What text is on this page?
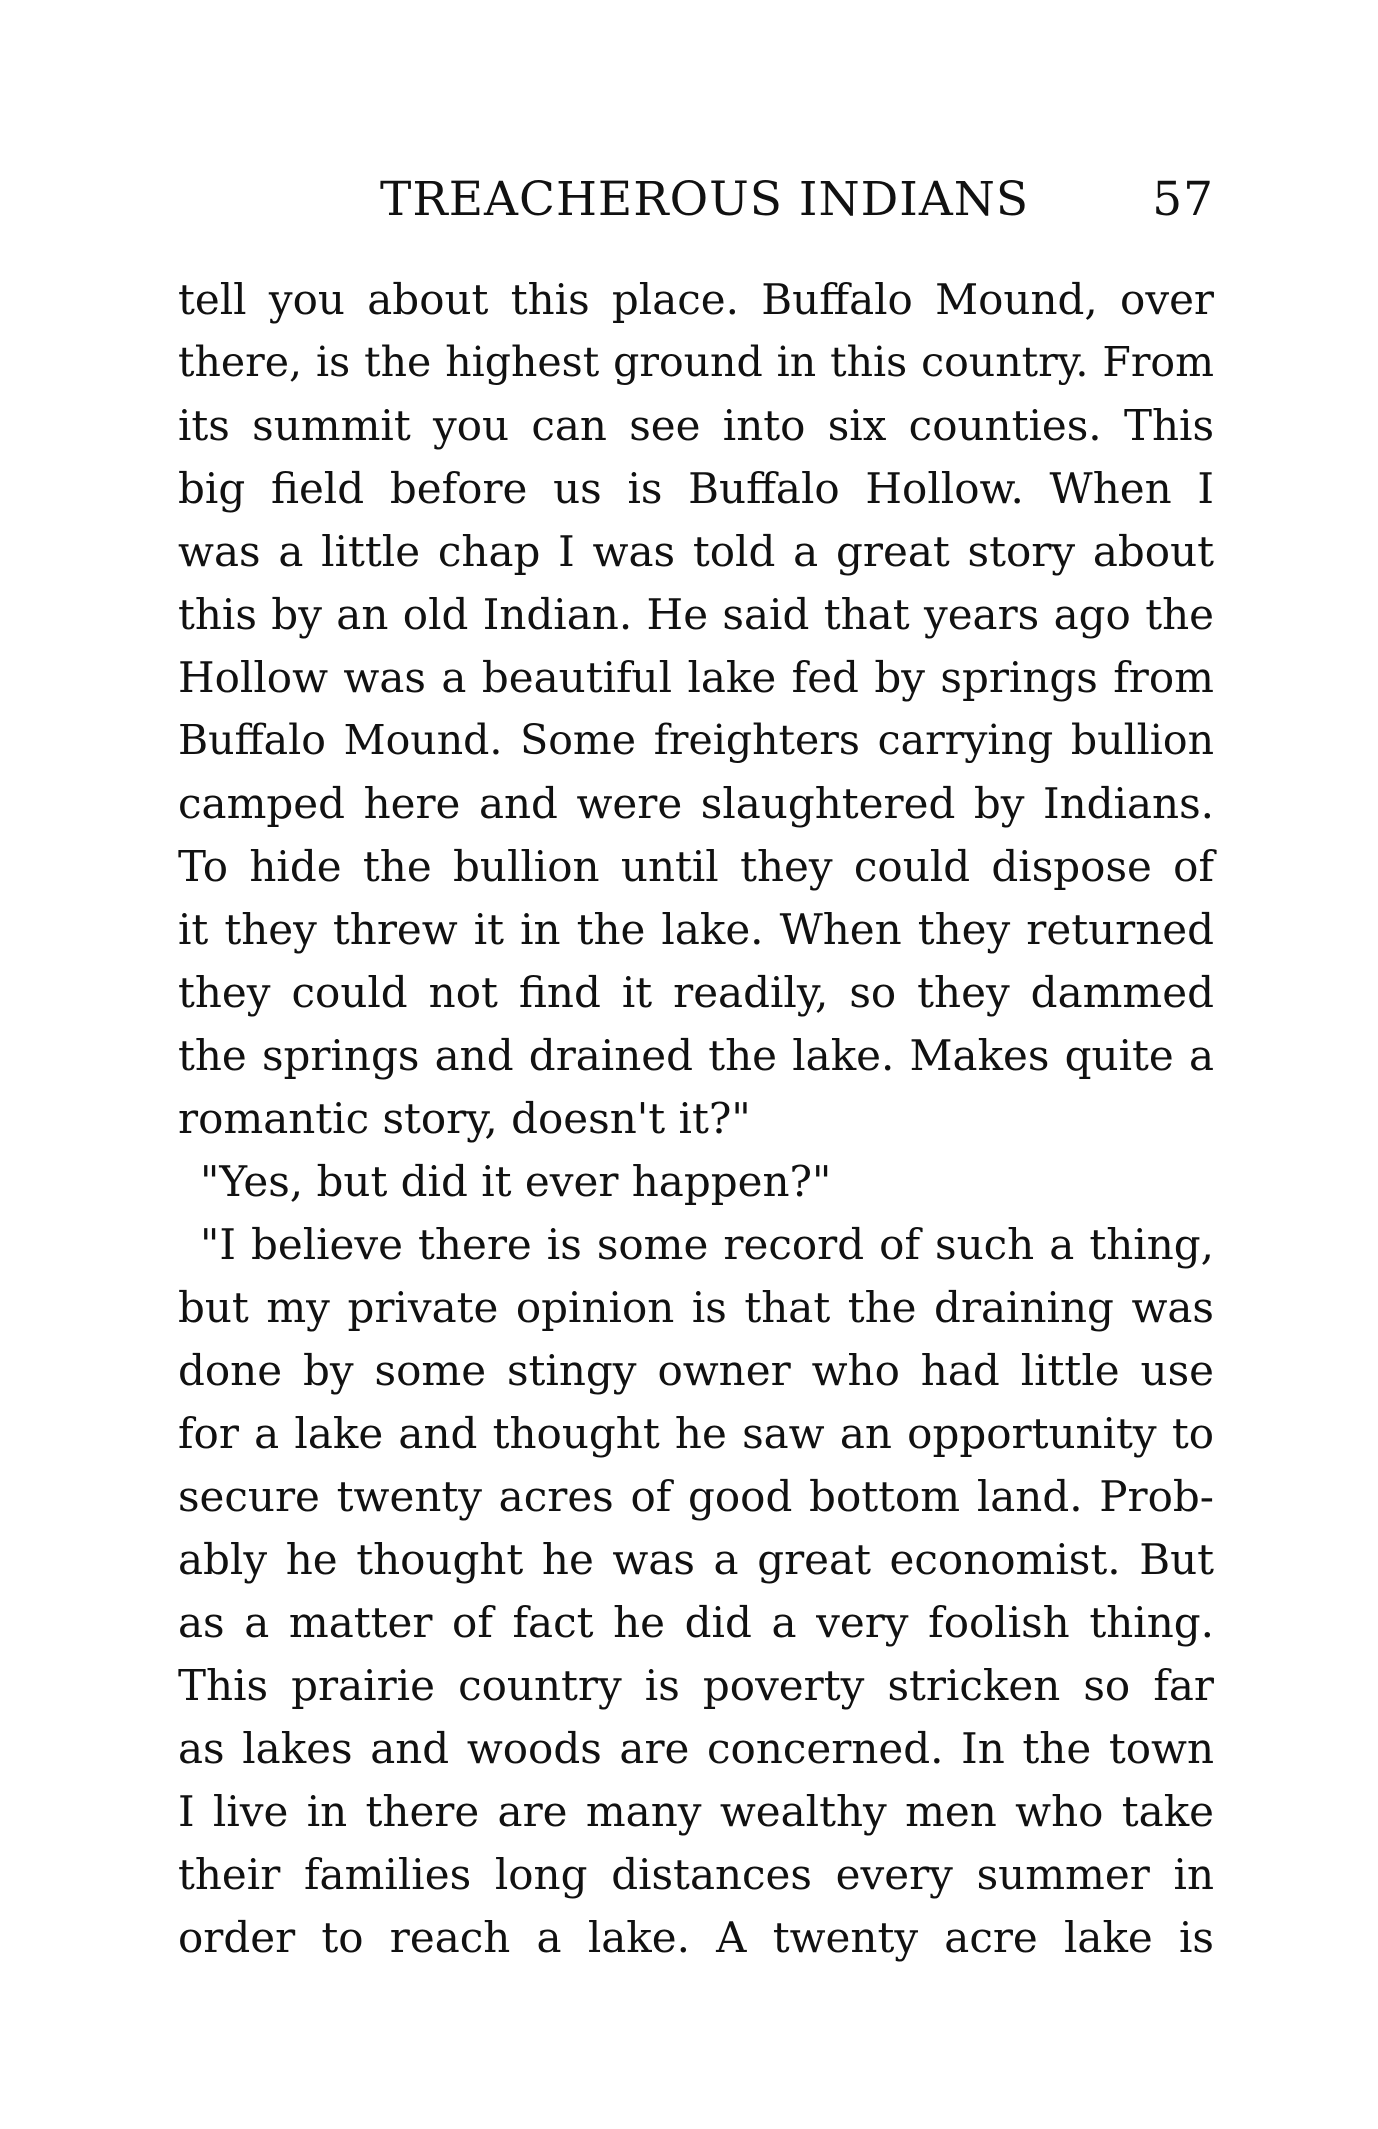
TREACHEROUS INDIANS	57
tell you about this place. Buffalo Mound, over
there, is the highest ground in this country. From
its summit you can see into six counties. This
big field before us is Buffalo Hollow. When I
was a little chap I was told a great story about
this by an old Indian. He said that years ago the
Hollow was a beautiful lake fed by springs from
Buffalo Mound. Some freighters carrying bullion
camped here and were slaughtered by Indians.
To hide the bullion until they could dispose of
it they threw it in the lake. When they returned
they could not find it readily, so they dammed
the springs and drained the lake. Makes quite a
romantic story, doesn't it?"
"Yes, but did it ever happen?"
"I believe there is some record of such a thing,
but my private opinion is that the draining was
done by some stingy owner who had little use
for a lake and thought he saw an opportunity to
secure twenty acres of good bottom land. Prob-
ably he thought he was a great economist. But
as a matter of fact he did a very foolish thing.
This prairie country is poverty stricken so far
as lakes and woods are concerned. In the town
I live in there are many wealthy men who take
their families long distances every summer in
order to reach a lake. A twenty acre lake is
